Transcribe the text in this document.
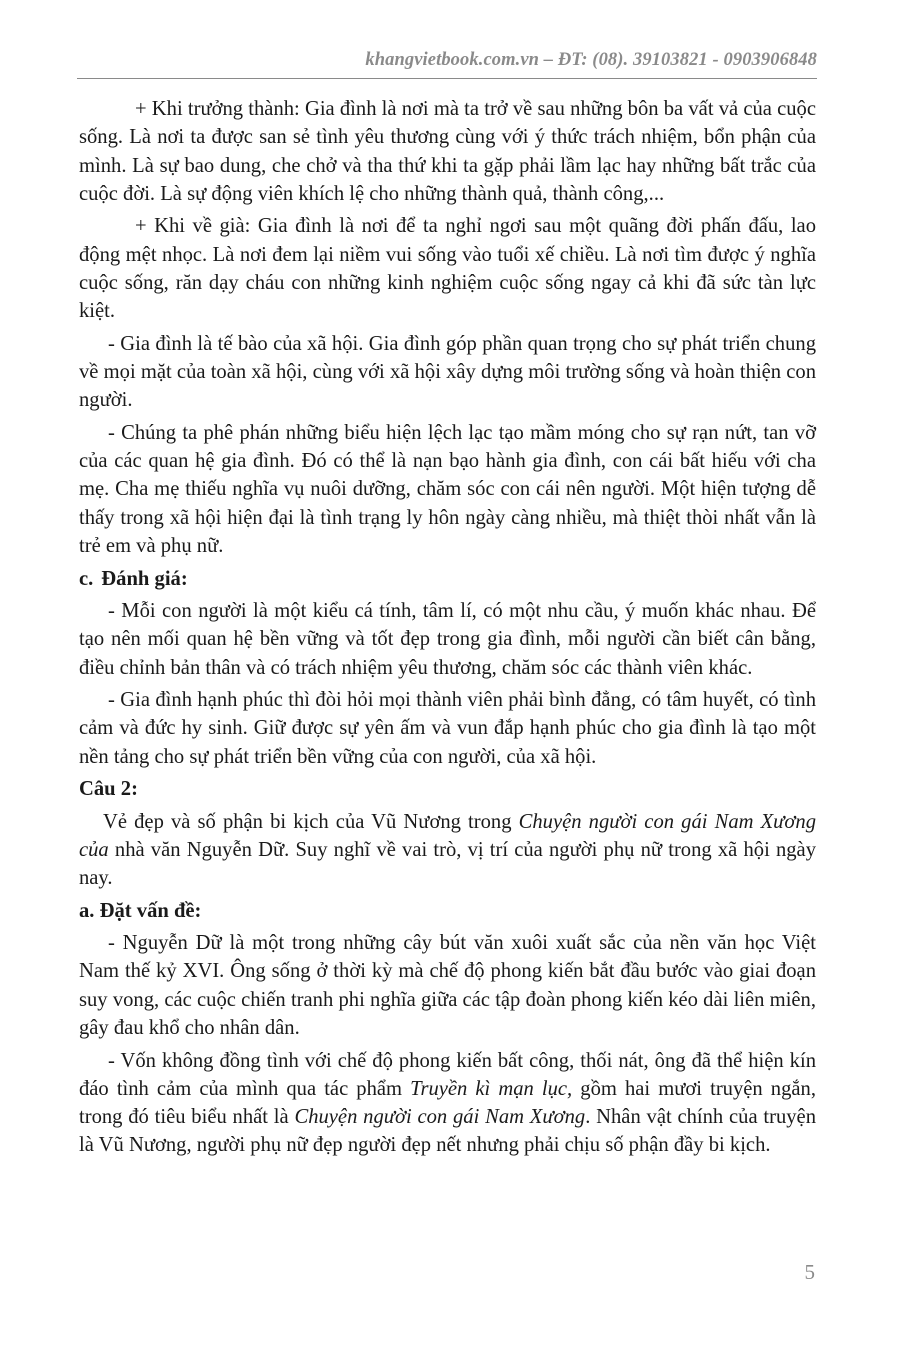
khangvietbook.com.vn – ĐT: (08). 39103821 - 0903906848

+ Khi trưởng thành: Gia đình là nơi mà ta trở về sau những bôn ba vất vả của cuộc sống. Là nơi ta được san sẻ tình yêu thương cùng với ý thức trách nhiệm, bổn phận của mình. Là sự bao dung, che chở và tha thứ khi ta gặp phải lầm lạc hay những bất trắc của cuộc đời. Là sự động viên khích lệ cho những thành quả, thành công,...

+ Khi về già: Gia đình là nơi để ta nghỉ ngơi sau một quãng đời phấn đấu, lao động mệt nhọc. Là nơi đem lại niềm vui sống vào tuổi xế chiều. Là nơi tìm được ý nghĩa cuộc sống, răn dạy cháu con những kinh nghiệm cuộc sống ngay cả khi đã sức tàn lực kiệt.

- Gia đình là tế bào của xã hội. Gia đình góp phần quan trọng cho sự phát triển chung về mọi mặt của toàn xã hội, cùng với xã hội xây dựng môi trường sống và hoàn thiện con người.

- Chúng ta phê phán những biểu hiện lệch lạc tạo mầm móng cho sự rạn nứt, tan vỡ của các quan hệ gia đình. Đó có thể là nạn bạo hành gia đình, con cái bất hiếu với cha mẹ. Cha mẹ thiếu nghĩa vụ nuôi dưỡng, chăm sóc con cái nên người. Một hiện tượng dễ thấy trong xã hội hiện đại là tình trạng ly hôn ngày càng nhiều, mà thiệt thòi nhất vẫn là trẻ em và phụ nữ.

c. Đánh giá:

- Mỗi con người là một kiểu cá tính, tâm lí, có một nhu cầu, ý muốn khác nhau. Để tạo nên mối quan hệ bền vững và tốt đẹp trong gia đình, mỗi người cần biết cân bằng, điều chỉnh bản thân và có trách nhiệm yêu thương, chăm sóc các thành viên khác.

- Gia đình hạnh phúc thì đòi hỏi mọi thành viên phải bình đẳng, có tâm huyết, có tình cảm và đức hy sinh. Giữ được sự yên ấm và vun đắp hạnh phúc cho gia đình là tạo một nền tảng cho sự phát triển bền vững của con người, của xã hội.

Câu 2:

Vẻ đẹp và số phận bi kịch của Vũ Nương trong Chuyện người con gái Nam Xương của nhà văn Nguyễn Dữ. Suy nghĩ về vai trò, vị trí của người phụ nữ trong xã hội ngày nay.

a. Đặt vấn đề:

- Nguyễn Dữ là một trong những cây bút văn xuôi xuất sắc của nền văn học Việt Nam thế kỷ XVI. Ông sống ở thời kỳ mà chế độ phong kiến bắt đầu bước vào giai đoạn suy vong, các cuộc chiến tranh phi nghĩa giữa các tập đoàn phong kiến kéo dài liên miên, gây đau khổ cho nhân dân.

- Vốn không đồng tình với chế độ phong kiến bất công, thối nát, ông đã thể hiện kín đáo tình cảm của mình qua tác phẩm Truyền kì mạn lục, gồm hai mươi truyện ngắn, trong đó tiêu biểu nhất là Chuyện người con gái Nam Xương. Nhân vật chính của truyện là Vũ Nương, người phụ nữ đẹp người đẹp nết nhưng phải chịu số phận đầy bi kịch.

5
